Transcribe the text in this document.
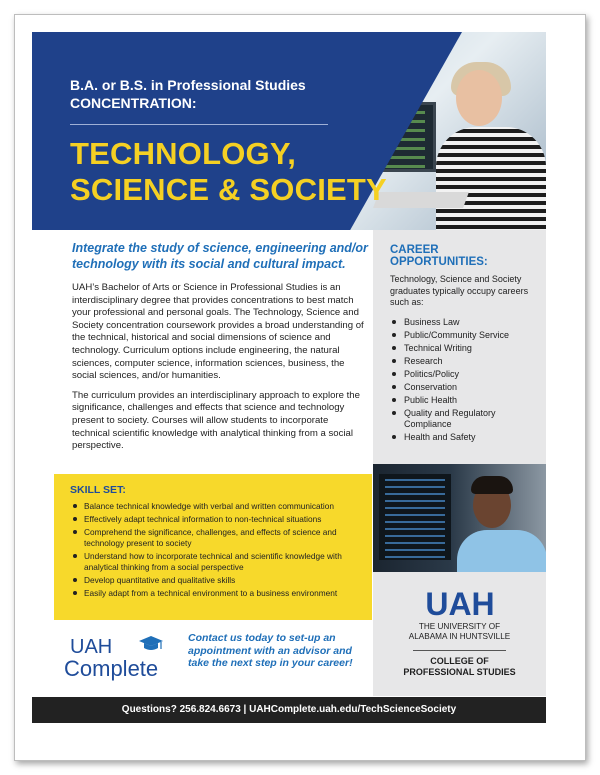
B.A. or B.S. in Professional Studies
CONCENTRATION:
TECHNOLOGY,
SCIENCE & SOCIETY
Integrate the study of science, engineering and/or technology with its social and cultural impact.

UAH’s Bachelor of Arts or Science in Professional Studies is an interdisciplinary degree that provides concentrations to best match your professional and personal goals. The Technology, Science and Society concentration coursework provides a broad understanding of the technical, historical and social dimensions of science and technology. Curriculum options include engineering, the natural sciences, computer science, information sciences, business, the social sciences, and/or humanities.

The curriculum provides an interdisciplinary approach to explore the significance, challenges and effects that science and technology present to society. Courses will allow students to incorporate technical scientific knowledge with analytical thinking from a social perspective.

CAREER OPPORTUNITIES:
Technology, Science and Society graduates typically occupy careers such as:
Business Law
Public/Community Service
Technical Writing
Research
Politics/Policy
Conservation
Public Health
Quality and Regulatory Compliance
Health and Safety
SKILL SET:
Balance technical knowledge with verbal and written communication
Effectively adapt technical information to non-technical situations
Comprehend the significance, challenges, and effects of science and technology present to society
Understand how to incorporate technical and scientific knowledge with analytical thinking from a social perspective
Develop quantitative and qualitative skills
Easily adapt from a technical environment to a business environment	UAH
THE UNIVERSITY OF
ALABAMA IN HUNTSVILLE
COLLEGE OF
PROFESSIONAL STUDIES
UAH
Complete
Contact us today to set-up an appointment with an advisor and take the next step in your career!
Questions? 256.824.6673 | UAHComplete.uah.edu/TechScienceSociety
